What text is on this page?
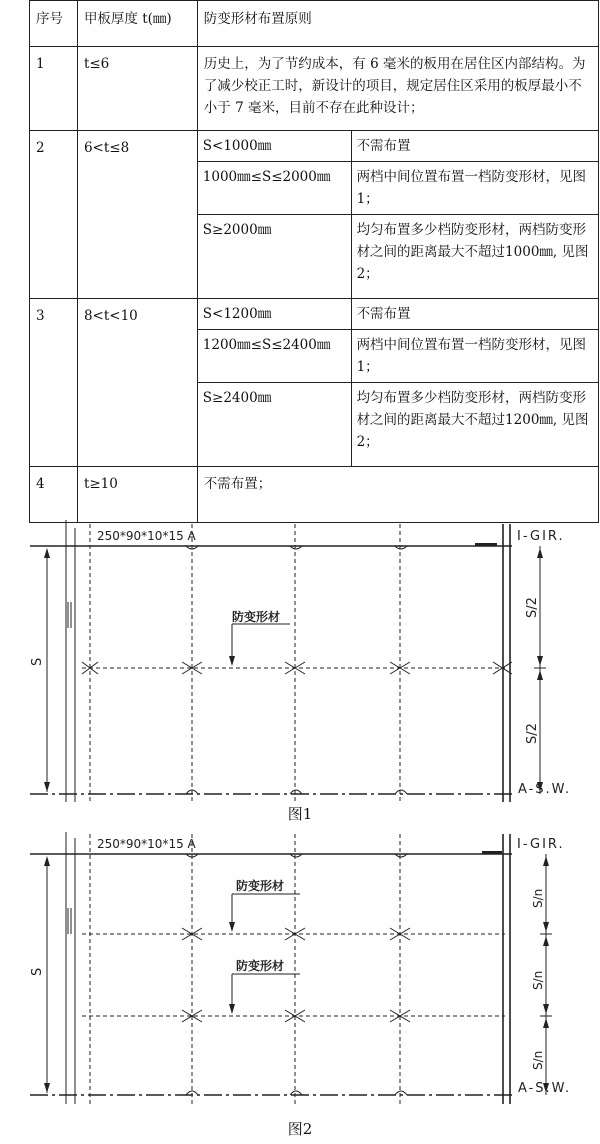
序号	甲板厚度 t(㎜)	防变形材布置原则	
1	t≤6	历史上，为了节约成本，有 6 毫米的板用在居住区内部结构。为了减少校正工时，新设计的项目，规定居住区采用的板厚最小不小于 7 毫米，目前不存在此种设计；	
2	6<t≤8	S<1000㎜	不需布置
		1000㎜≤S≤2000㎜	两档中间位置布置一档防变形材，见图 1；
		S≥2000㎜	均匀布置多少档防变形材，两档防变形材之间的距离最大不超过1000㎜, 见图 2；
3	8<t<10	S<1200㎜	不需布置
		1200㎜≤S≤2400㎜	两档中间位置布置一档防变形材，见图 1；
		S≥2400㎜	均匀布置多少档防变形材，两档防变形材之间的距离最大不超过1200㎜, 见图 2；
4	t≥10	不需布置；	
250*90*10*15 A	I-GIR.
A-S.W.
防变形材
S
S/2
S/2
图1
250*90*10*15 A	I-GIR.
A-S.W.
防变形材
防变形材
S
S/n
S/n
S/n
图2
